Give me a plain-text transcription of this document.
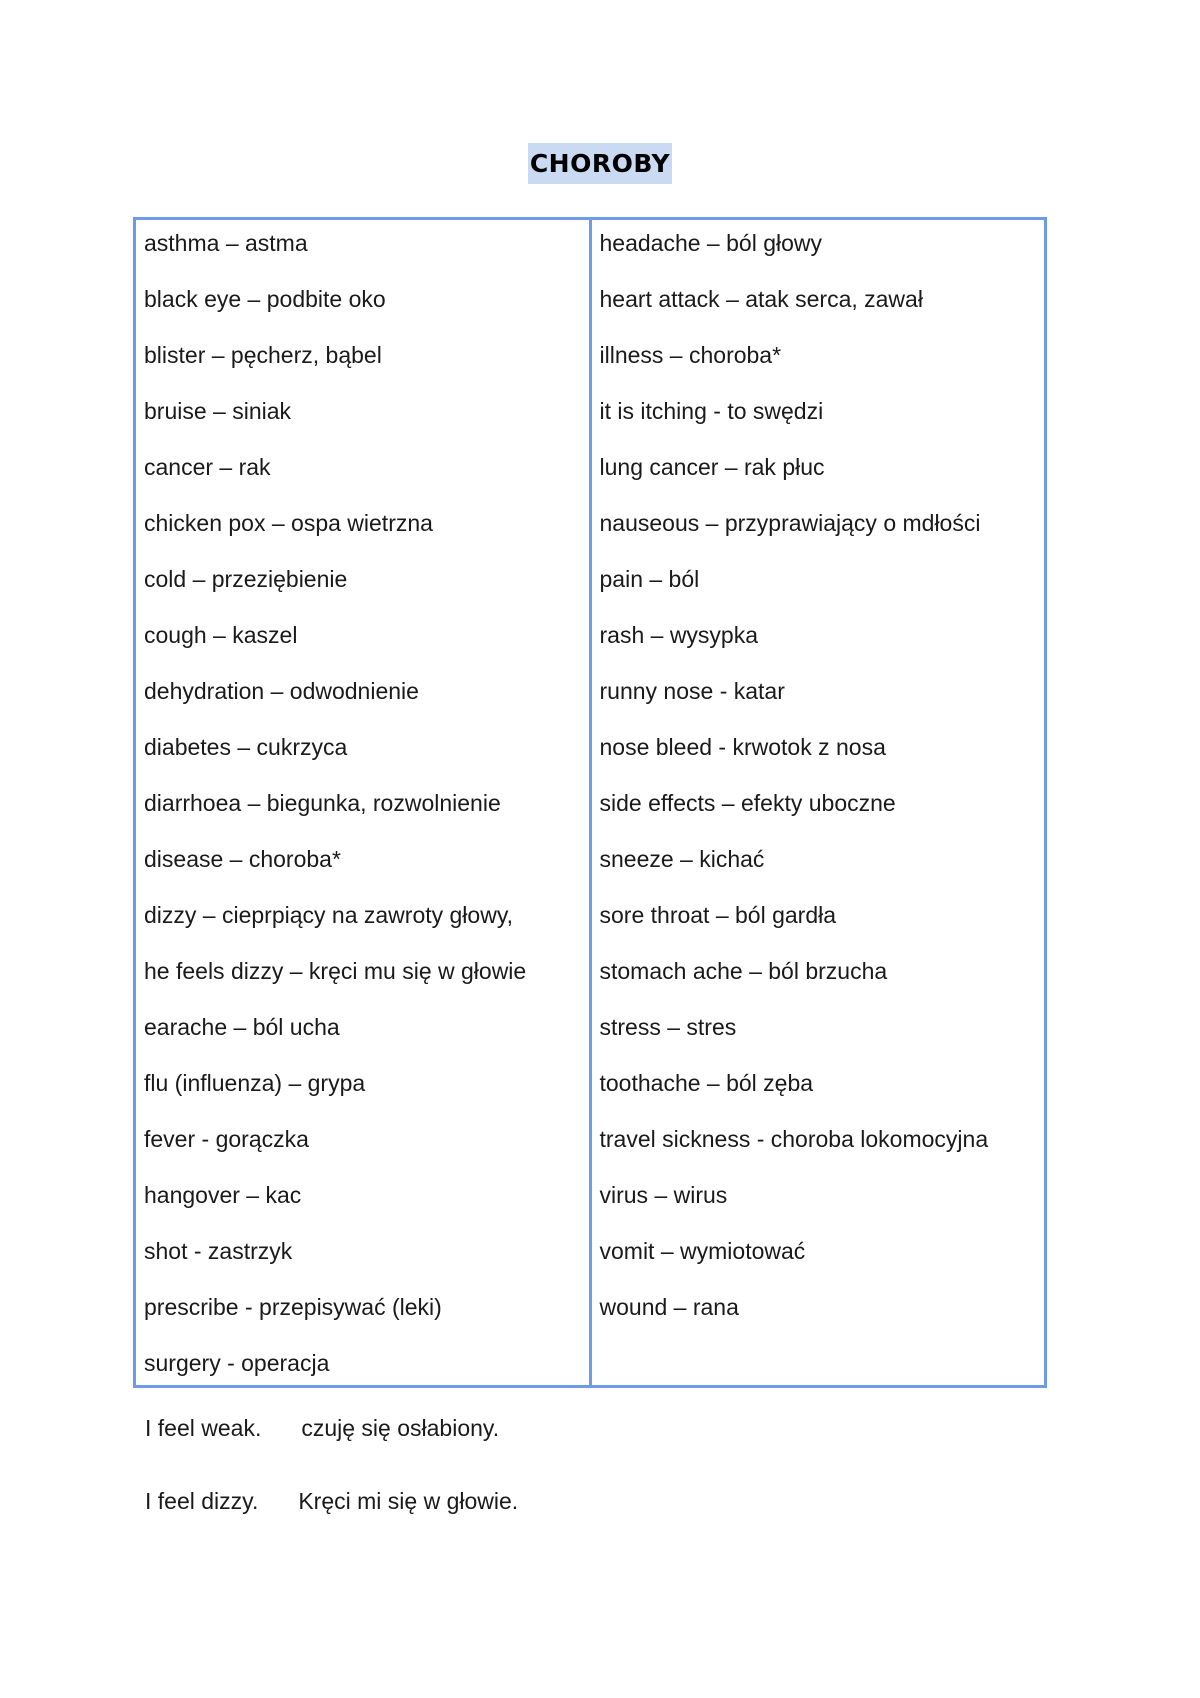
CHOROBY
asthma – astma
black eye – podbite oko
blister – pęcherz, bąbel
bruise – siniak
cancer – rak
chicken pox – ospa wietrzna
cold – przeziębienie
cough – kaszel
dehydration – odwodnienie
diabetes – cukrzyca
diarrhoea – biegunka, rozwolnienie
disease – choroba*
dizzy – cieprpiący na zawroty głowy,
he feels dizzy – kręci mu się w głowie
earache – ból ucha
flu (influenza) – grypa
fever - gorączka
hangover – kac
shot - zastrzyk
prescribe - przepisywać (leki)
surgery - operacja
headache – ból głowy
heart attack – atak serca, zawał
illness – choroba*
it is itching - to swędzi
lung cancer – rak płuc
nauseous – przyprawiający o mdłości
pain – ból
rash – wysypka
runny nose - katar
nose bleed - krwotok z nosa
side effects – efekty uboczne
sneeze – kichać
sore throat – ból gardła
stomach ache – ból brzucha
stress – stres
toothache – ból zęba
travel sickness - choroba lokomocyjna
virus – wirus
vomit – wymiotować
wound – rana
I feel weak. czuję się osłabiony.
I feel dizzy. Kręci mi się w głowie.
